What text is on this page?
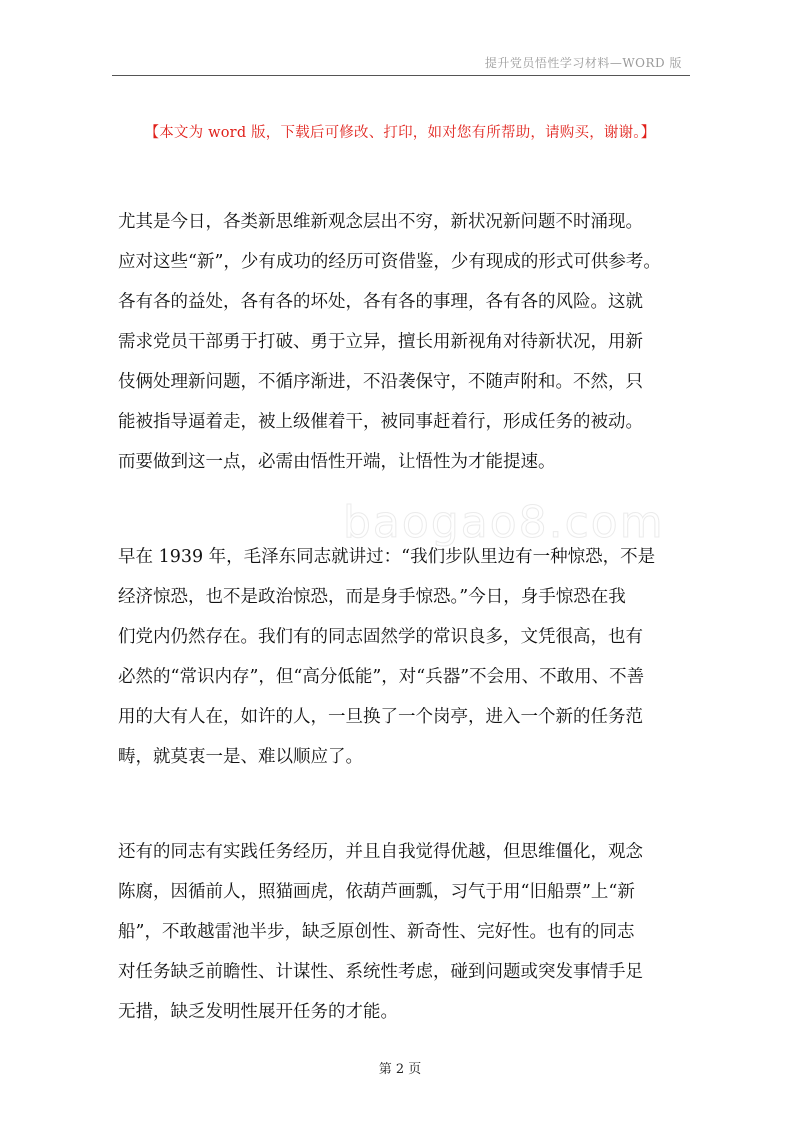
提升党员悟性学习材料—WORD 版
【本文为 word 版，下载后可修改、打印，如对您有所帮助，请购买，谢谢。】
baogao8.com
尤其是今日，各类新思维新观念层出不穷，新状况新问题不时涌现。
应对这些“新”，少有成功的经历可资借鉴，少有现成的形式可供参考。
各有各的益处，各有各的坏处，各有各的事理，各有各的风险。这就
需求党员干部勇于打破、勇于立异，擅长用新视角对待新状况，用新
伎俩处理新问题，不循序渐进，不沿袭保守，不随声附和。不然，只
能被指导逼着走，被上级催着干，被同事赶着行，形成任务的被动。
而要做到这一点，必需由悟性开端，让悟性为才能提速。
早在 1939 年，毛泽东同志就讲过：“我们步队里边有一种惊恐，不是
经济惊恐，也不是政治惊恐，而是身手惊恐。”今日，身手惊恐在我
们党内仍然存在。我们有的同志固然学的常识良多，文凭很高，也有
必然的“常识内存”，但“高分低能”，对“兵器”不会用、不敢用、不善
用的大有人在，如许的人，一旦换了一个岗亭，进入一个新的任务范
畴，就莫衷一是、难以顺应了。
还有的同志有实践任务经历，并且自我觉得优越，但思维僵化，观念
陈腐，因循前人，照猫画虎，依葫芦画瓢，习气于用“旧船票”上“新
船”，不敢越雷池半步，缺乏原创性、新奇性、完好性。也有的同志
对任务缺乏前瞻性、计谋性、系统性考虑，碰到问题或突发事情手足
无措，缺乏发明性展开任务的才能。
第 2 页
